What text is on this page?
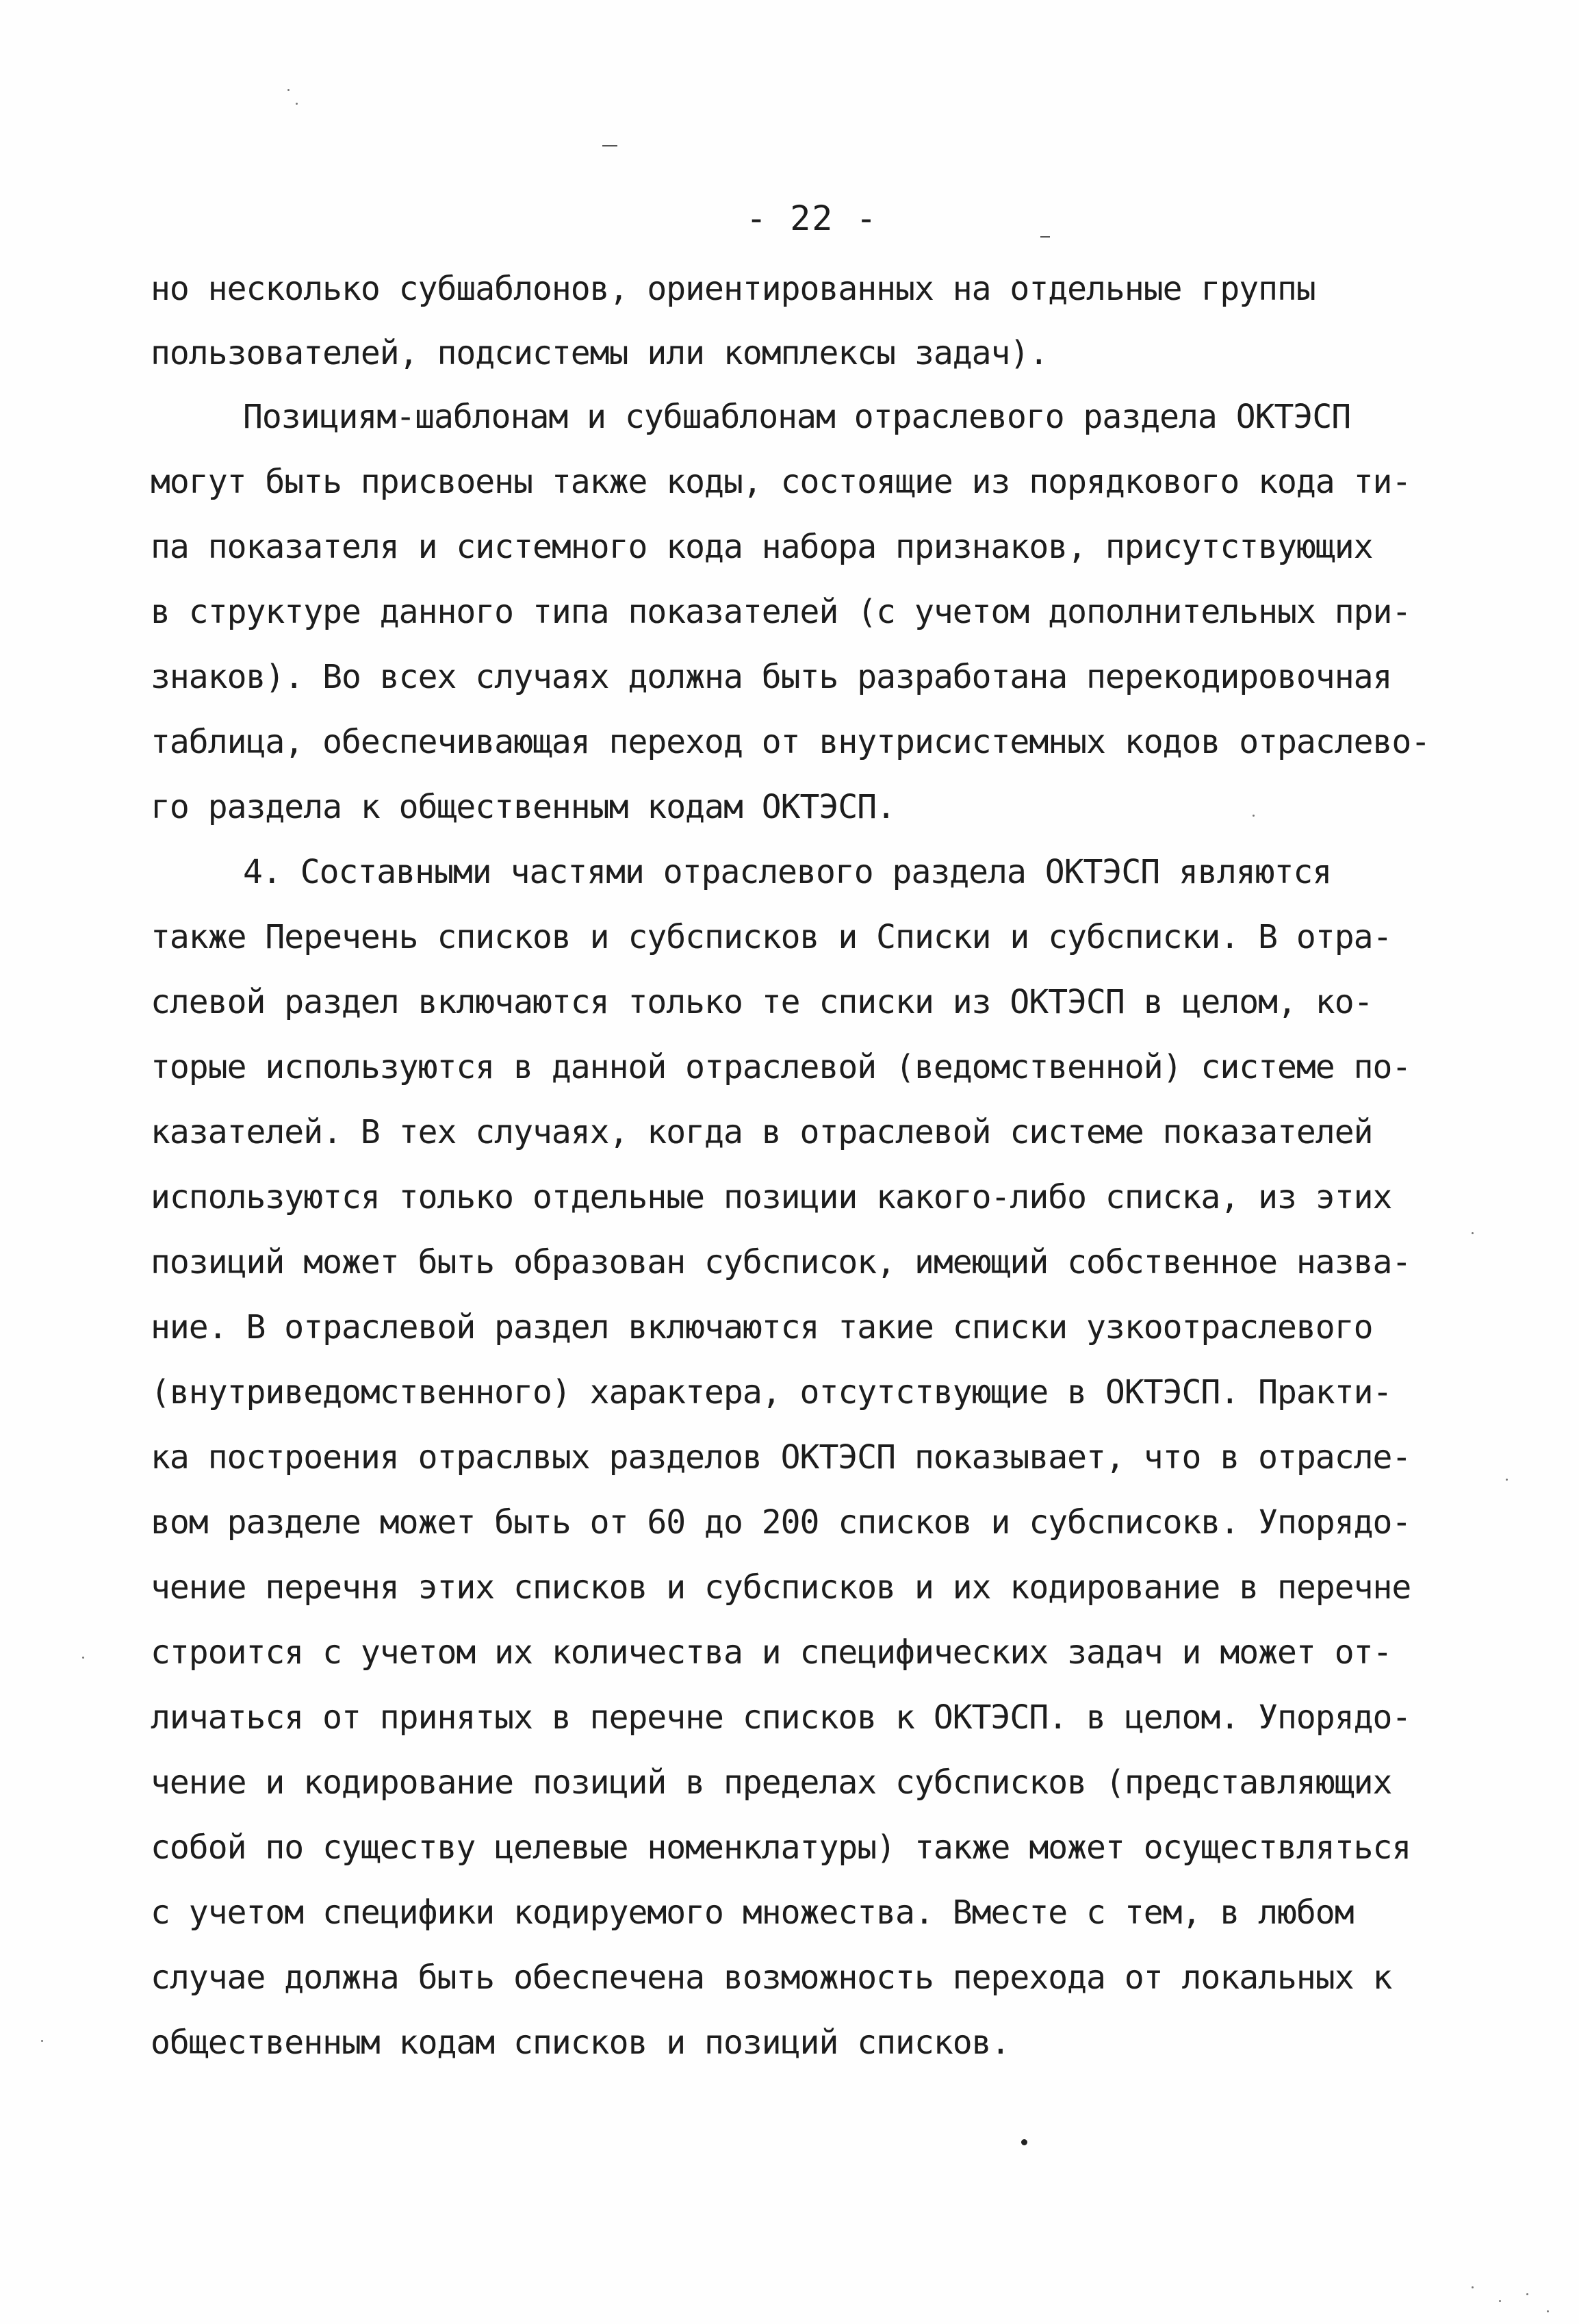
- 22 -
но несколько субшаблонов, ориентированных на отдельные группы
пользователей, подсистемы или комплексы задач).
Позициям-шаблонам и субшаблонам отраслевого раздела ОКТЭСП
могут быть присвоены также коды, состоящие из порядкового кода ти-
па показателя и системного кода набора признаков, присутствующих
в структуре данного типа показателей (с учетом дополнительных при-
знаков). Во всех случаях должна быть разработана перекодировочная
таблица, обеспечивающая переход от внутрисистемных кодов отраслево-
го раздела к общественным кодам ОКТЭСП.
4. Составными частями отраслевого раздела ОКТЭСП являются
также Перечень списков и субсписков и Списки и субсписки. В отра-
слевой раздел включаются только те списки из ОКТЭСП в целом, ко-
торые используются в данной отраслевой (ведомственной) системе по-
казателей. В тех случаях, когда в отраслевой системе показателей
используются только отдельные позиции какого-либо списка, из этих
позиций может быть образован субсписок, имеющий собственное назва-
ние. В отраслевой раздел включаются такие списки узкоотраслевого
(внутриведомственного) характера, отсутствующие в ОКТЭСП. Практи-
ка построения отраслвых разделов ОКТЭСП показывает, что в отрасле-
вом разделе может быть от 60 до 200 списков и субсписокв. Упорядо-
чение перечня этих списков и субсписков и их кодирование в перечне
строится с учетом их количества и специфических задач и может от-
личаться от принятых в перечне списков к ОКТЭСП. в целом. Упорядо-
чение и кодирование позиций в пределах субсписков (представляющих
собой по существу целевые номенклатуры) также может осуществляться
с учетом специфики кодируемого множества. Вместе с тем, в любом
случае должна быть обеспечена возможность перехода от локальных к
общественным кодам списков и позиций списков.
